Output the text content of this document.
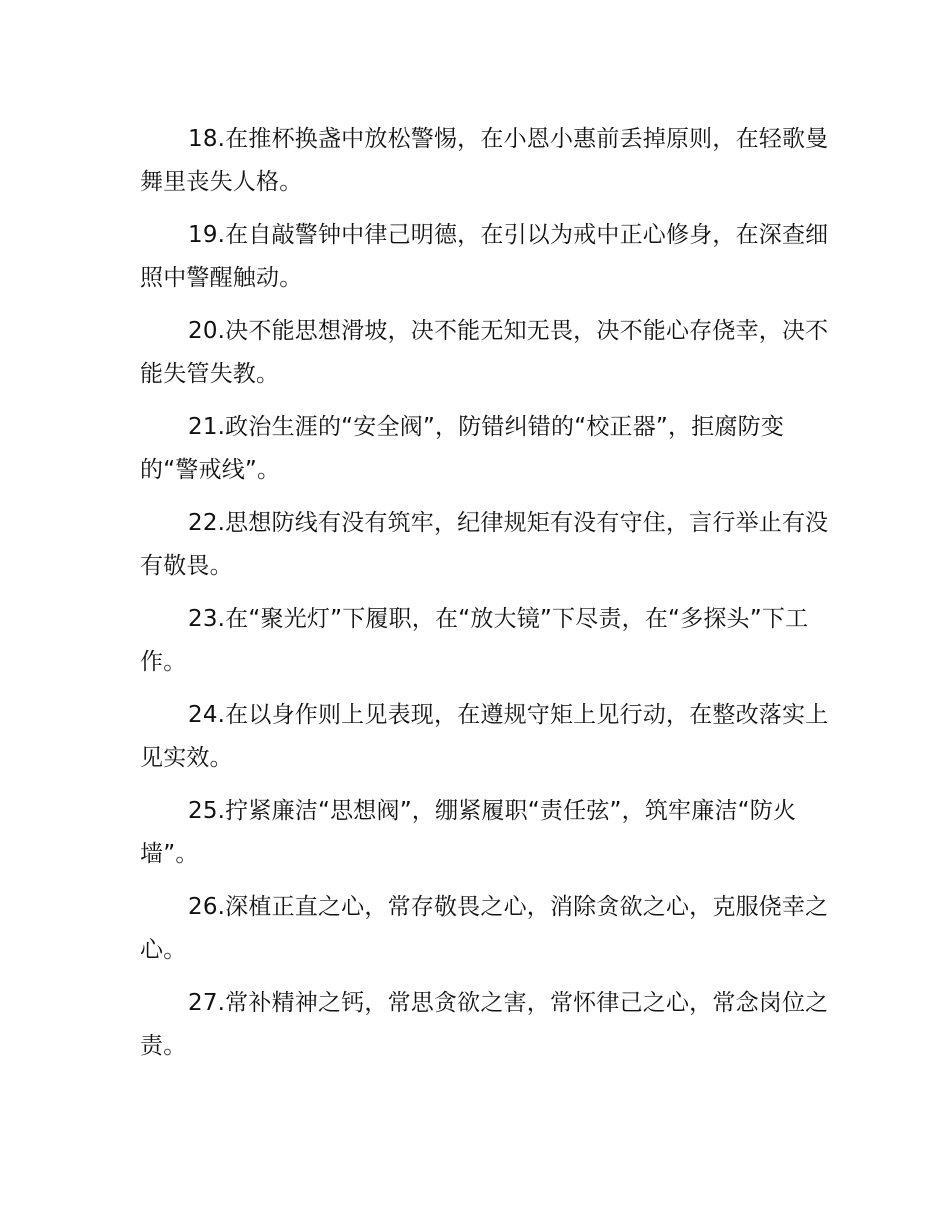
18.在推杯换盏中放松警惕，在小恩小惠前丢掉原则，在轻歌曼舞里丧失人格。

19.在自敲警钟中律己明德，在引以为戒中正心修身，在深查细照中警醒触动。

20.决不能思想滑坡，决不能无知无畏，决不能心存侥幸，决不能失管失教。

21.政治生涯的“安全阀”，防错纠错的“校正器”，拒腐防变的“警戒线”。

22.思想防线有没有筑牢，纪律规矩有没有守住，言行举止有没有敬畏。

23.在“聚光灯”下履职，在“放大镜”下尽责，在“多探头”下工作。

24.在以身作则上见表现，在遵规守矩上见行动，在整改落实上见实效。

25.拧紧廉洁“思想阀”，绷紧履职“责任弦”，筑牢廉洁“防火墙”。

26.深植正直之心，常存敬畏之心，消除贪欲之心，克服侥幸之心。

27.常补精神之钙，常思贪欲之害，常怀律己之心，常念岗位之责。
